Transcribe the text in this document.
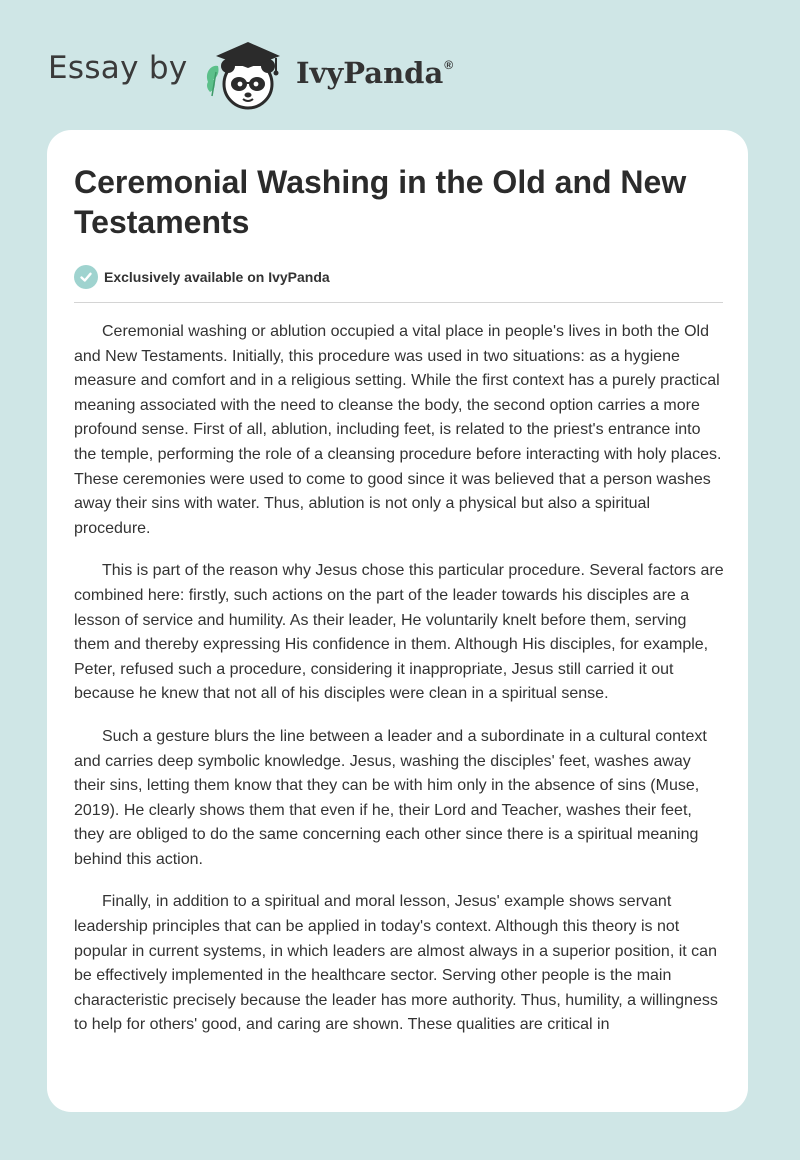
Essay by	IvyPanda®
Ceremonial Washing in the Old and New Testaments
Exclusively available on IvyPanda

Ceremonial washing or ablution occupied a vital place in people's lives in both the Old and New Testaments. Initially, this procedure was used in two situations: as a hygiene measure and comfort and in a religious setting. While the first context has a purely practical meaning associated with the need to cleanse the body, the second option carries a more profound sense. First of all, ablution, including feet, is related to the priest's entrance into the temple, performing the role of a cleansing procedure before interacting with holy places. These ceremonies were used to come to good since it was believed that a person washes away their sins with water. Thus, ablution is not only a physical but also a spiritual procedure.

This is part of the reason why Jesus chose this particular procedure. Several factors are combined here: firstly, such actions on the part of the leader towards his disciples are a lesson of service and humility. As their leader, He voluntarily knelt before them, serving them and thereby expressing His confidence in them. Although His disciples, for example, Peter, refused such a procedure, considering it inappropriate, Jesus still carried it out because he knew that not all of his disciples were clean in a spiritual sense.

Such a gesture blurs the line between a leader and a subordinate in a cultural context and carries deep symbolic knowledge. Jesus, washing the disciples' feet, washes away their sins, letting them know that they can be with him only in the absence of sins (Muse, 2019). He clearly shows them that even if he, their Lord and Teacher, washes their feet, they are obliged to do the same concerning each other since there is a spiritual meaning behind this action.

Finally, in addition to a spiritual and moral lesson, Jesus' example shows servant leadership principles that can be applied in today's context. Although this theory is not popular in current systems, in which leaders are almost always in a superior position, it can be effectively implemented in the healthcare sector. Serving other people is the main characteristic precisely because the leader has more authority. Thus, humility, a willingness to help for others' good, and caring are shown. These qualities are critical in
